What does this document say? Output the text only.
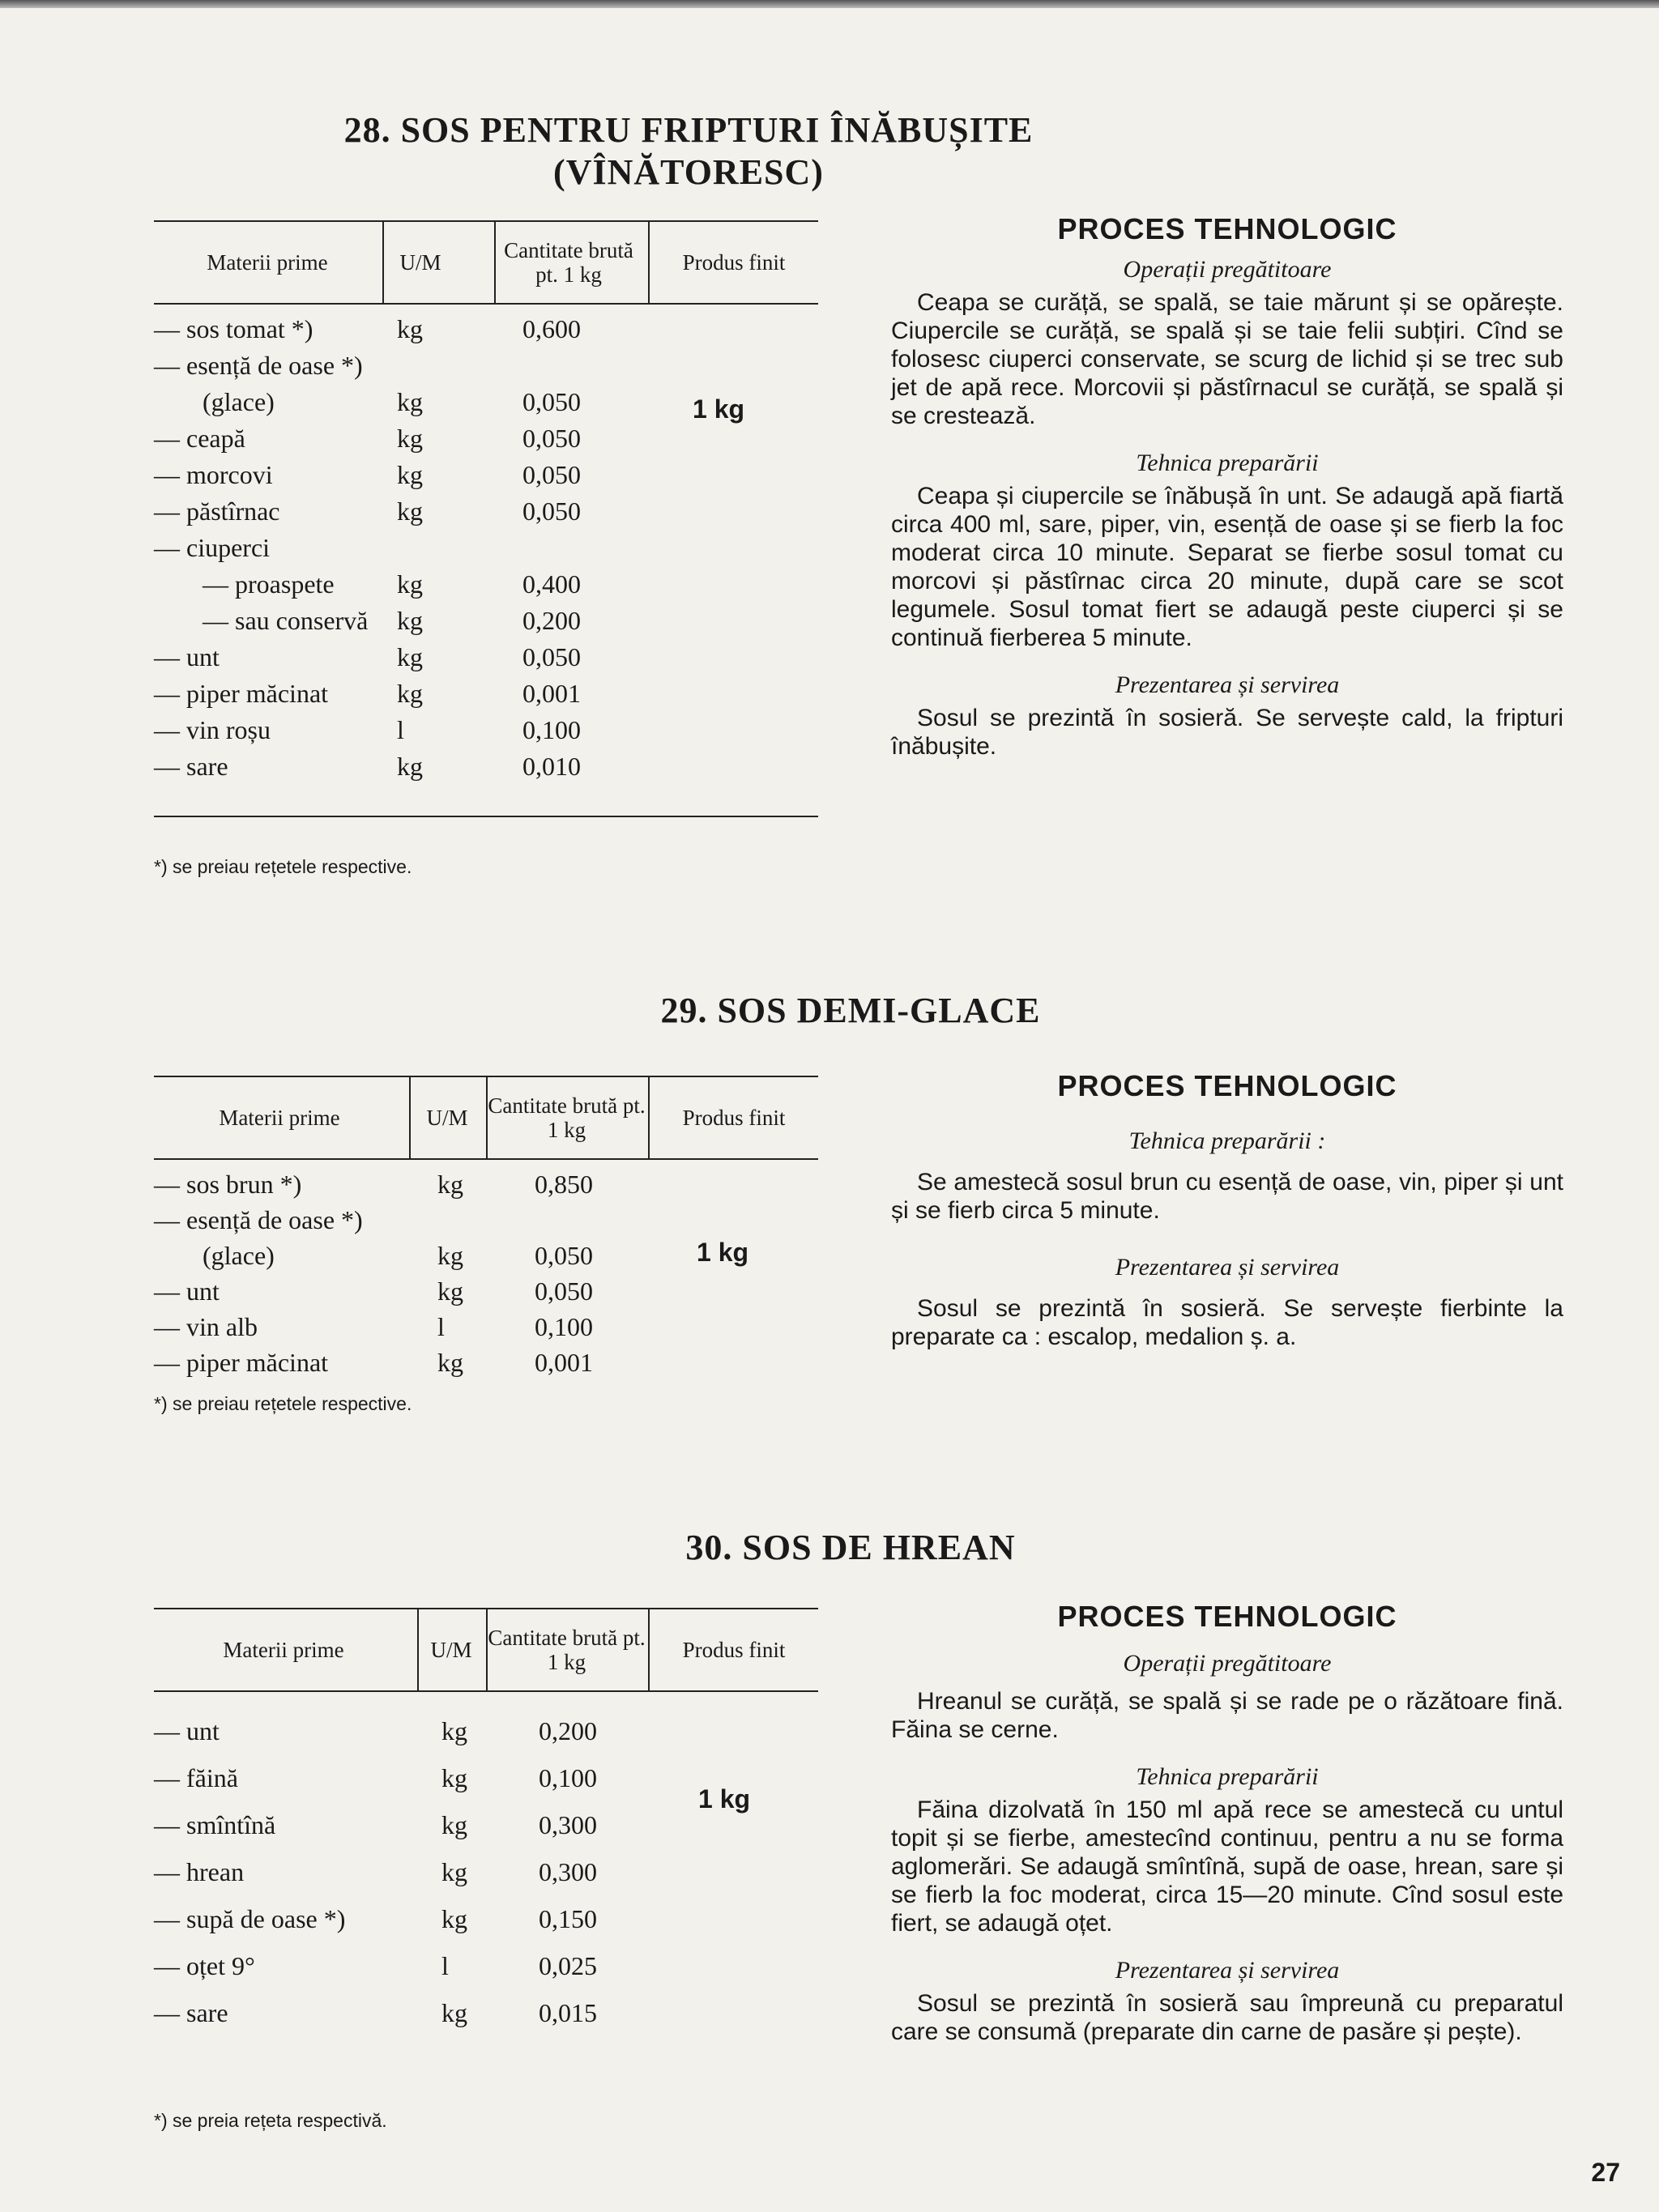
28. SOS PENTRU FRIPTURI ÎNĂBUȘITE
(VÎNĂTORESC)
Materii prime	U/M	Cantitate brută pt. 1 kg	Produs finit
— sos tomat *)	kg	0,600
— esență de oase *)
(glace)	kg	0,050
— ceapă	kg	0,050
— morcovi	kg	0,050
— păstîrnac	kg	0,050
— ciuperci
— proaspete kg	0,400
— sau conservă kg	0,200
— unt	kg	0,050
— piper măcinat	kg	0,001
— vin roșu	l	0,100
— sare	kg	0,010
1 kg
*) se preiau rețetele respective.
PROCES TEHNOLOGIC
Operații pregătitoare

Ceapa se curăță, se spală, se taie mărunt și se opărește. Ciupercile se curăță, se spală și se taie felii subțiri. Cînd se folosesc ciuperci conservate, se scurg de lichid și se trec sub jet de apă rece. Morcovii și păstîrnacul se curăță, se spală și se crestează.

Tehnica preparării

Ceapa și ciupercile se înăbușă în unt. Se adaugă apă fiartă circa 400 ml, sare, piper, vin, esență de oase și se fierb la foc moderat circa 10 minute. Separat se fierbe sosul tomat cu morcovi și păstîrnac circa 20 minute, după care se scot legumele. Sosul tomat fiert se adaugă peste ciuperci și se continuă fierberea 5 minute.

Prezentarea și servirea

Sosul se prezintă în sosieră. Se servește cald, la fripturi înăbușite.

29. SOS DEMI-GLACE
Materii prime	U/M Cantitate brută pt. 1 kg	Produs finit
— sos brun *)	kg	0,850
— esență de oase *)
(glace)	kg	0,050
— unt	kg	0,050
— vin alb	l	0,100
— piper măcinat	kg	0,001
1 kg
*) se preiau rețetele respective.
PROCES TEHNOLOGIC
Tehnica preparării :

Se amestecă sosul brun cu esență de oase, vin, piper și unt și se fierb circa 5 minute.

Prezentarea și servirea

Sosul se prezintă în sosieră. Se servește fierbinte la preparate ca : escalop, medalion ș. a.

30. SOS DE HREAN
Materii prime	U/M Cantitate brută pt. 1 kg	Produs finit
— unt	kg	0,200
— făină	kg	0,100
— smîntînă	kg	0,300
— hrean	kg	0,300
— supă de oase *)	kg	0,150
— oțet 9°	l	0,025
— sare	kg	0,015
1 kg
*) se preia rețeta respectivă.
PROCES TEHNOLOGIC
Operații pregătitoare

Hreanul se curăță, se spală și se rade pe o răzătoare fină. Făina se cerne.

Tehnica preparării

Făina dizolvată în 150 ml apă rece se amestecă cu untul topit și se fierbe, amestecînd continuu, pentru a nu se forma aglomerări. Se adaugă smîntînă, supă de oase, hrean, sare și se fierb la foc moderat, circa 15—20 minute. Cînd sosul este fiert, se adaugă oțet.

Prezentarea și servirea

Sosul se prezintă în sosieră sau împreună cu preparatul care se consumă (preparate din carne de pasăre și pește).

27
